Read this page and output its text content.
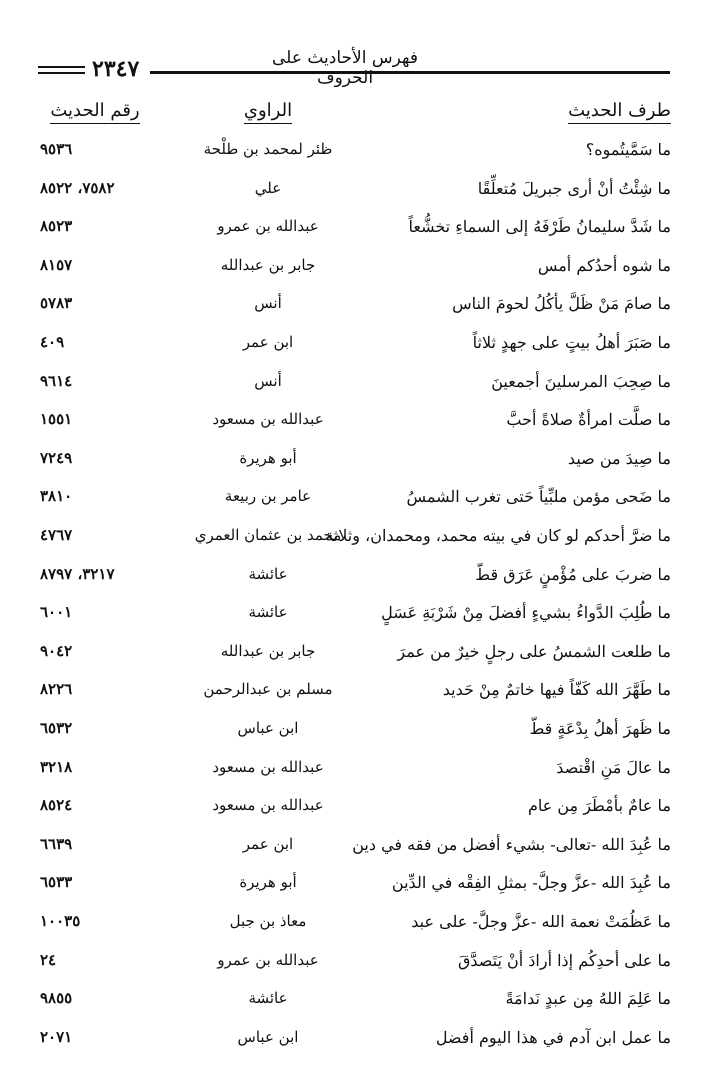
٢٣٤٧	فهرس الأحاديث على الحروف
طرف الحديث
الراوي
رقم الحديث
ما سَمَّيتُموه؟
ظئر لمحمد بن طلْحة
٩٥٣٦
ما شِئْتُ أنْ أرى جبريلَ مُتعلِّقًا
علي
٧٥٨٢، ٨٥٢٢
ما شَدَّ سليمانُ طَرْفَهُ إلى السماءِ تخشُّعاً
عبدالله بن عمرو
٨٥٢٣
ما شوه أحدُكم أمس
جابر بن عبدالله
٨١٥٧
ما صامَ مَنْ ظَلَّ يأكُلُ لحومَ الناس
أنس
٥٧٨٣
ما صَبَرَ أهلُ بيتٍ على جهدٍ ثلاثاً
ابن عمر
٤٠٩
ما صِحِبَ المرسلينَ أجمعينَ
أنس
٩٦١٤
ما صلَّت امرأةٌ صلاةً أحبَّ
عبدالله بن مسعود
١٥٥١
ما صِيدَ من صيد
أبو هريرة
٧٢٤٩
ما ضَحى مؤمن ملبِّياً حَتى تغرب الشمسُ
عامر بن ربيعة
٣٨١٠
ما ضرَّ أحدكم لو كان في بيته محمد، ومحمدان، وثلاثة
محمد بن عثمان العمري
٤٧٦٧
ما ضربَ على مُؤْمنٍ عَرَق قطّ
عائشة
٣٢١٧، ٨٧٩٧
ما طُلِبَ الدَّواءُ بشيءٍ أفضلَ مِنْ شَرْبَةِ عَسَلٍ
عائشة
٦٠٠١
ما طلعت الشمسُ على رجلٍ خيرٌ من عمرَ
جابر بن عبدالله
٩٠٤٢
ما طَهَّرَ الله كَفّاً فيها خاتمٌ مِنْ حَديد
مسلم بن عبدالرحمن
٨٢٢٦
ما ظَهرَ أهلُ بِدْعَةٍ قطّ
ابن عباس
٦٥٣٢
ما عالَ مَنِ اقْتصدَ
عبدالله بن مسعود
٣٢١٨
ما عامٌ بأمْطَرَ مِن عام
عبدالله بن مسعود
٨٥٢٤
ما عُبِدَ الله -تعالى- بشيء أفضل من فقه في دين
ابن عمر
٦٦٣٩
ما عُبِدَ الله -عزَّ وجلَّ- بمثلِ الفِقْه في الدِّين
أبو هريرة
٦٥٣٣
ما عَظُمَتْ نعمة الله -عزَّ وجلَّ- على عبد
معاذ بن جبل
١٠٠٣٥
ما على أحدِكُم إذا أرادَ أنْ يَتَصدَّقَ
عبدالله بن عمرو
٢٤
ما عَلِمَ اللهُ مِن عبدٍ نَدامَةً
عائشة
٩٨٥٥
ما عمل ابن آدم في هذا اليوم أفضل
ابن عباس
٢٠٧١
